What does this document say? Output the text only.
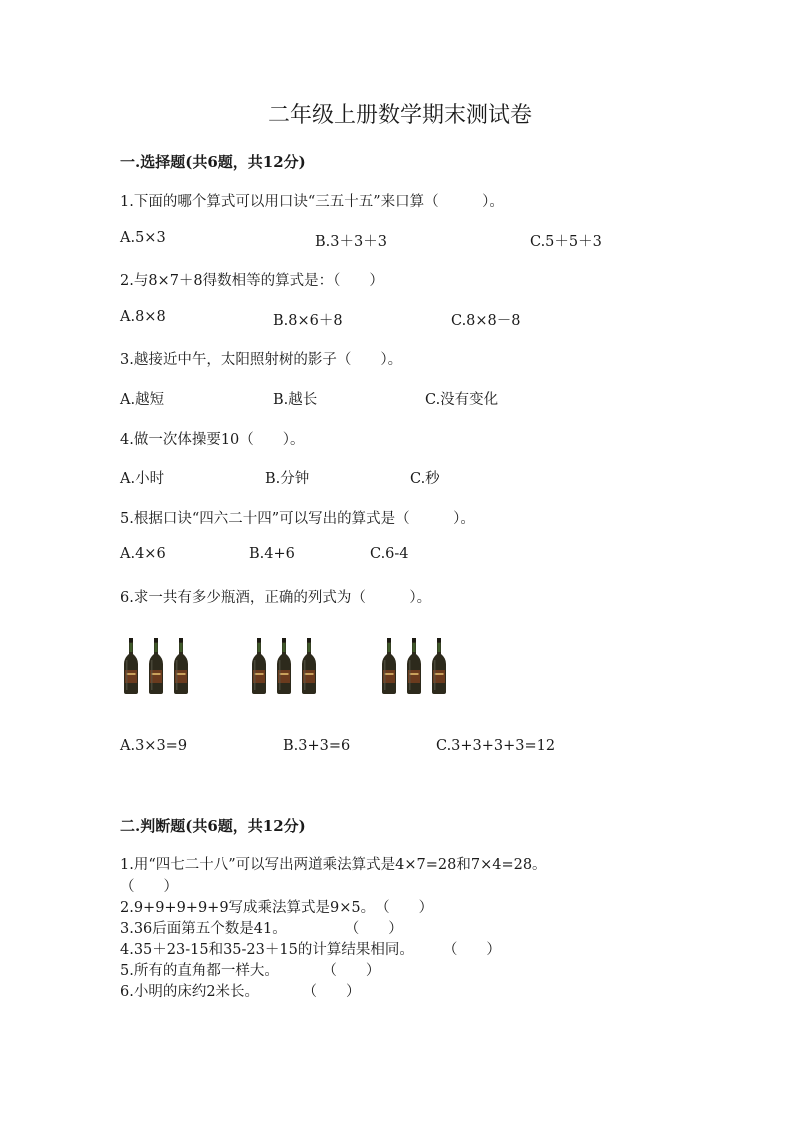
二年级上册数学期末测试卷
一.选择题(共6题，共12分)
1.下面的哪个算式可以用口诀“三五十五”来口算（　　　）。
A.5×3	B.3＋3＋3	C.5＋5＋3
2.与8×7＋8得数相等的算式是：（　　）
A.8×8	B.8×6＋8	C.8×8－8
3.越接近中午，太阳照射树的影子（　　）。
A.越短	B.越长	C.没有变化
4.做一次体操要10（　　）。
A.小时	B.分钟	C.秒
5.根据口诀“四六二十四”可以写出的算式是（　　　）。
A.4×6	B.4+6	C.6-4
6.求一共有多少瓶酒，正确的列式为（　　　）。
A.3×3=9	B.3+3=6	C.3+3+3+3=12
二.判断题(共6题，共12分)
1.用“四七二十八”可以写出两道乘法算式是4×7=28和7×4=28。
（　　）
2.9+9+9+9+9写成乘法算式是9×5。　（　　）
3.36后面第五个数是41。　　　　　（　　）
4.35＋23-15和35-23＋15的计算结果相同。　　　（　　）
5.所有的直角都一样大。　　　　（　　）
6.小明的床约2米长。　　　　（　　）
